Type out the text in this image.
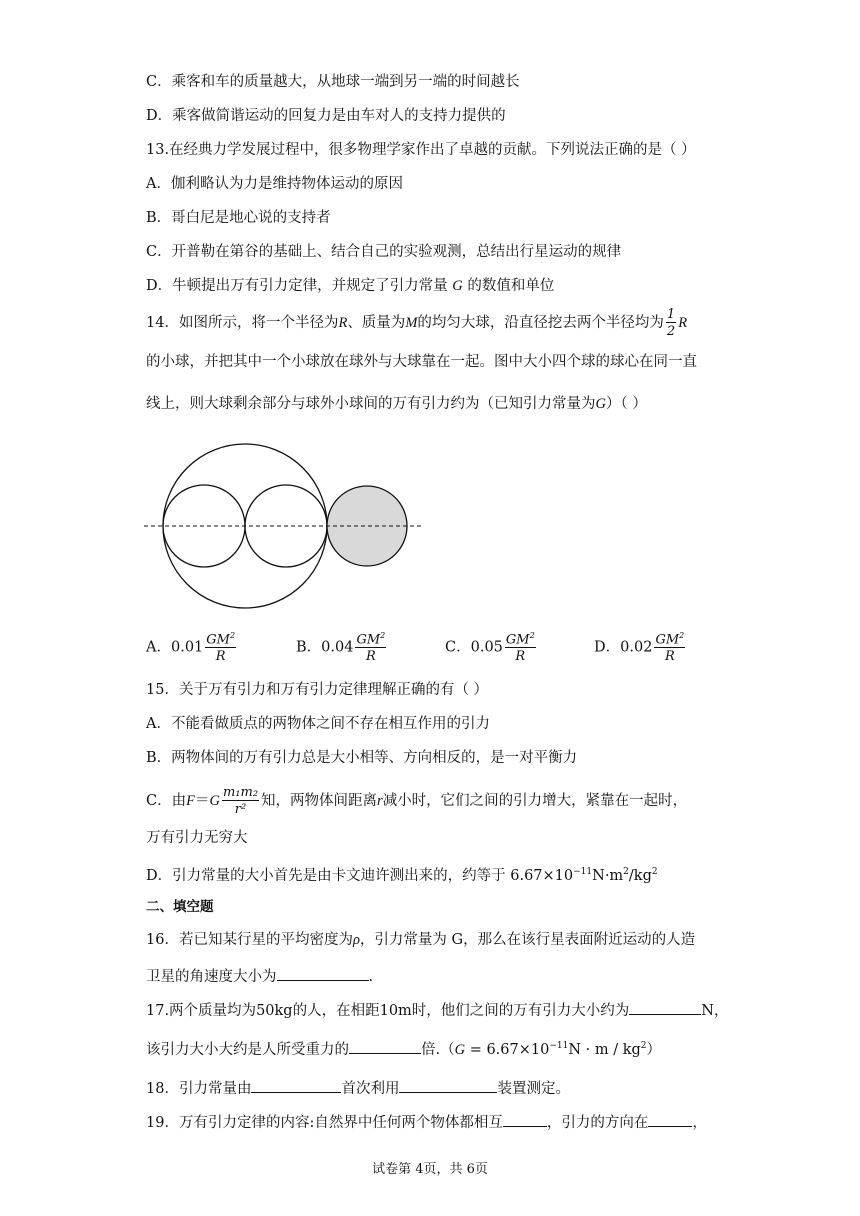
C．乘客和车的质量越大，从地球一端到另一端的时间越长
D．乘客做简谐运动的回复力是由车对人的支持力提供的
13.在经典力学发展过程中，很多物理学家作出了卓越的贡献。下列说法正确的是（ ）
A．伽利略认为力是维持物体运动的原因
B．哥白尼是地心说的支持者
C．开普勒在第谷的基础上、结合自己的实验观测，总结出行星运动的规律
D．牛顿提出万有引力定律，并规定了引力常量 G 的数值和单位
14．如图所示，将一个半径为R、质量为M的均匀大球，沿直径挖去两个半径均为 $\frac{1}{2}$ R
的小球，并把其中一个小球放在球外与大球靠在一起。图中大小四个球的球心在同一直
线上，则大球剩余部分与球外小球间的万有引力约为（已知引力常量为G）（ ）
A．$0.01 \frac{GM^2}{R}$	B．$0.04 \frac{GM^2}{R}$	C．$0.05 \frac{GM^2}{R}$	D．$0.02 \frac{GM^2}{R}$
15．关于万有引力和万有引力定律理解正确的有（ ）
A．不能看做质点的两物体之间不存在相互作用的引力
B．两物体间的万有引力总是大小相等、方向相反的，是一对平衡力
C．由$F=G \frac{\text{m₁m₂}}{\text{r²}}$ 知，两物体间距离r减小时，它们之间的引力增大，紧靠在一起时，
万有引力无穷大
D．引力常量的大小首先是由卡文迪许测出来的，约等于 $6.67\times 10^{-11}N\cdot m^2/kg^2$
二、填空题
16．若已知某行星的平均密度为ρ，引力常量为 G，那么在该行星表面附近运动的人造
卫星的角速度大小为	.
17.两个质量均为50kg的人，在相距10m时，他们之间的万有引力大小约为	N，
该引力大小大约是人所受重力的	倍$.(G = 6.67\times 10^{-11}N \cdot m / kg^2)$
18．引力常量由	首次利用	装置测定。
19．万有引力定律的内容:自然界中任何两个物体都相互	，引力的方向在	，
试卷第 4页，共 6页
